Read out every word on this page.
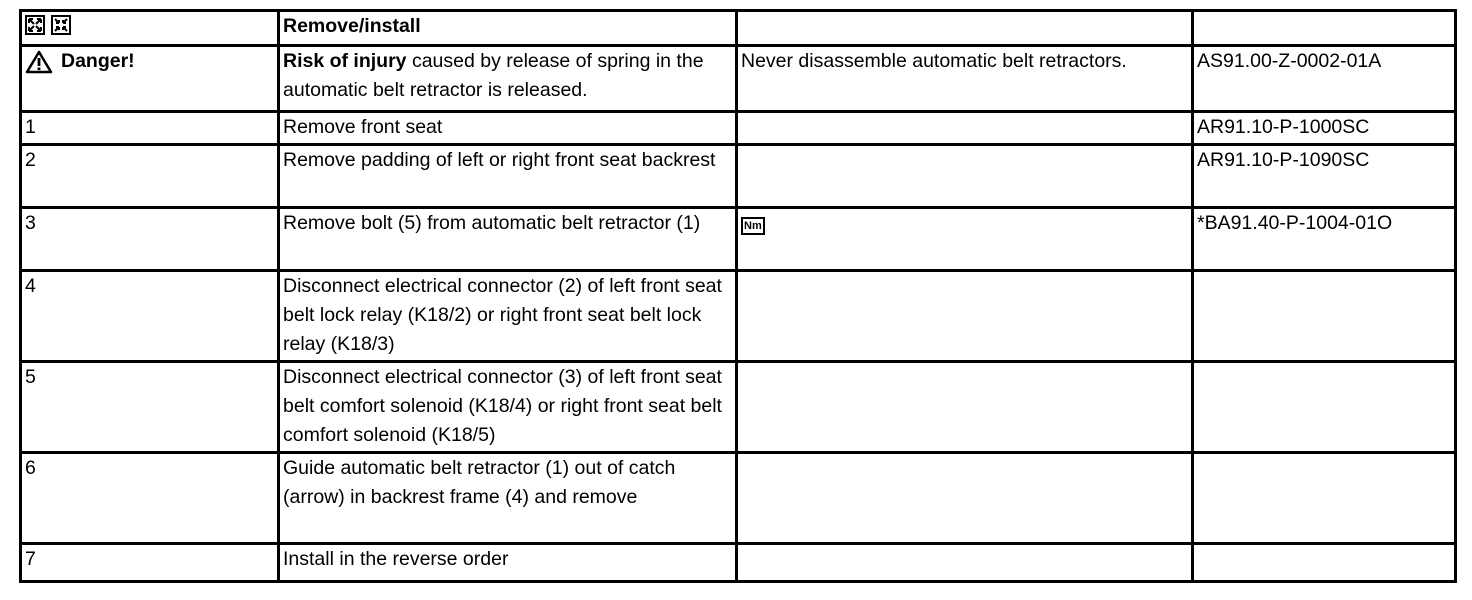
	Remove/install		

Danger!	Risk of injury caused by release of spring in the automatic belt retractor is released.	Never disassemble automatic belt retractors.	AS91.00-Z-0002-01A
1	Remove front seat		AR91.10-P-1000SC
2	Remove padding of left or right front seat backrest		AR91.10-P-1090SC
3	Remove bolt (5) from automatic belt retractor (1)	Nm	*BA91.40-P-1004-01O
4	Disconnect electrical connector (2) of left front seat belt lock relay (K18/2) or right front seat belt lock relay (K18/3)		
5	Disconnect electrical connector (3) of left front seat belt comfort solenoid (K18/4) or right front seat belt comfort solenoid (K18/5)		
6	Guide automatic belt retractor (1) out of catch (arrow) in backrest frame (4) and remove		
7	Install in the reverse order		
